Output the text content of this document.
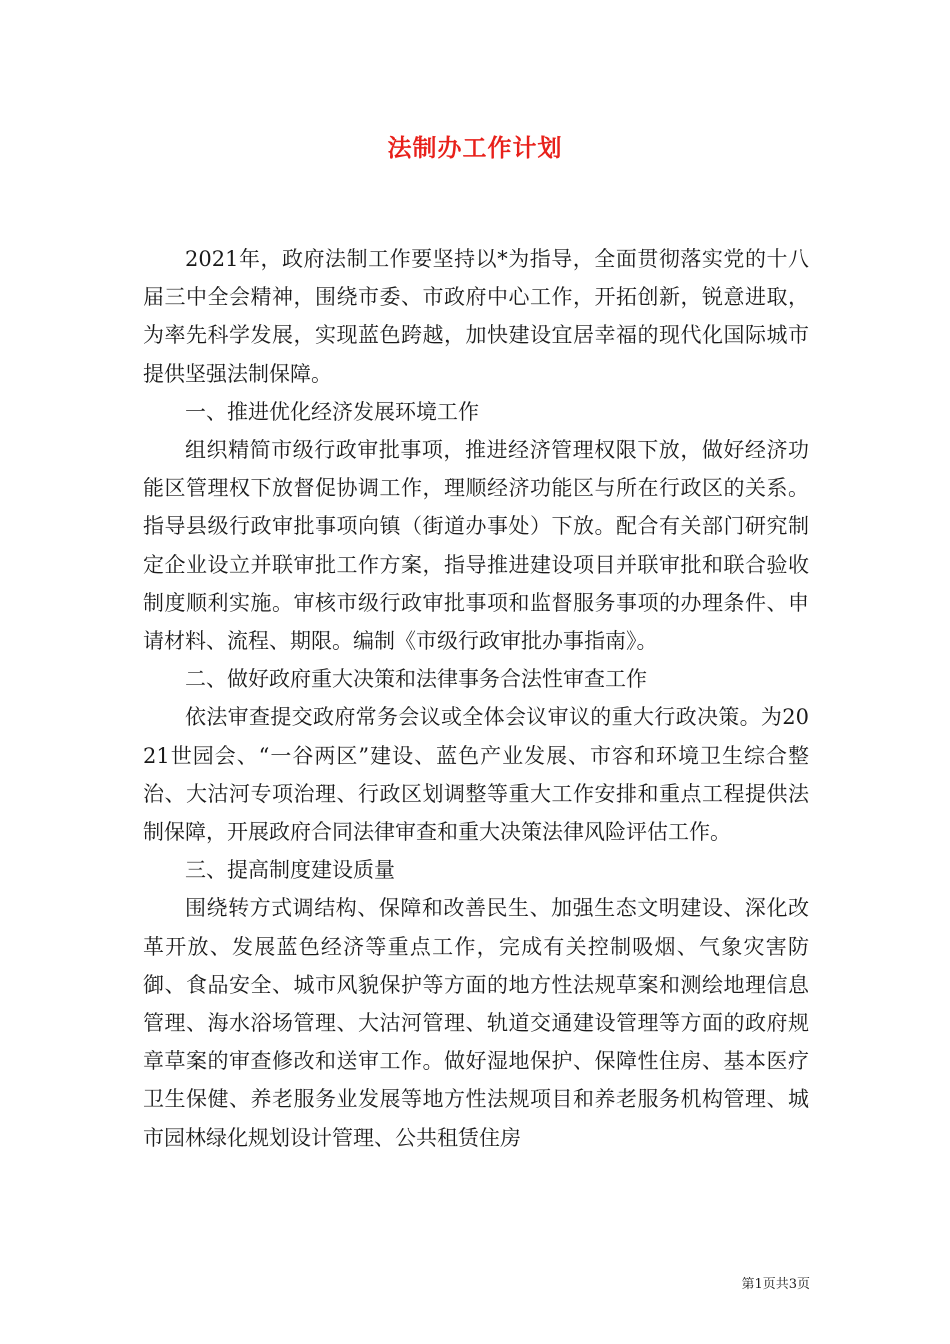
法制办工作计划

2021年，政府法制工作要坚持以*为指导，全面贯彻落实党的十八届三中全会精神，围绕市委、市政府中心工作，开拓创新，锐意进取，为率先科学发展，实现蓝色跨越，加快建设宜居幸福的现代化国际城市提供坚强法制保障。

一、推进优化经济发展环境工作

组织精简市级行政审批事项，推进经济管理权限下放，做好经济功能区管理权下放督促协调工作，理顺经济功能区与所在行政区的关系。指导县级行政审批事项向镇（街道办事处）下放。配合有关部门研究制定企业设立并联审批工作方案，指导推进建设项目并联审批和联合验收制度顺利实施。审核市级行政审批事项和监督服务事项的办理条件、申请材料、流程、期限。编制《市级行政审批办事指南》。

二、做好政府重大决策和法律事务合法性审查工作

依法审查提交政府常务会议或全体会议审议的重大行政决策。为2021世园会、“一谷两区”建设、蓝色产业发展、市容和环境卫生综合整治、大沽河专项治理、行政区划调整等重大工作安排和重点工程提供法制保障，开展政府合同法律审查和重大决策法律风险评估工作。

三、提高制度建设质量

围绕转方式调结构、保障和改善民生、加强生态文明建设、深化改革开放、发展蓝色经济等重点工作，完成有关控制吸烟、气象灾害防御、食品安全、城市风貌保护等方面的地方性法规草案和测绘地理信息管理、海水浴场管理、大沽河管理、轨道交通建设管理等方面的政府规章草案的审查修改和送审工作。做好湿地保护、保障性住房、基本医疗卫生保健、养老服务业发展等地方性法规项目和养老服务机构管理、城市园林绿化规划设计管理、公共租赁住房

第1页共3页
